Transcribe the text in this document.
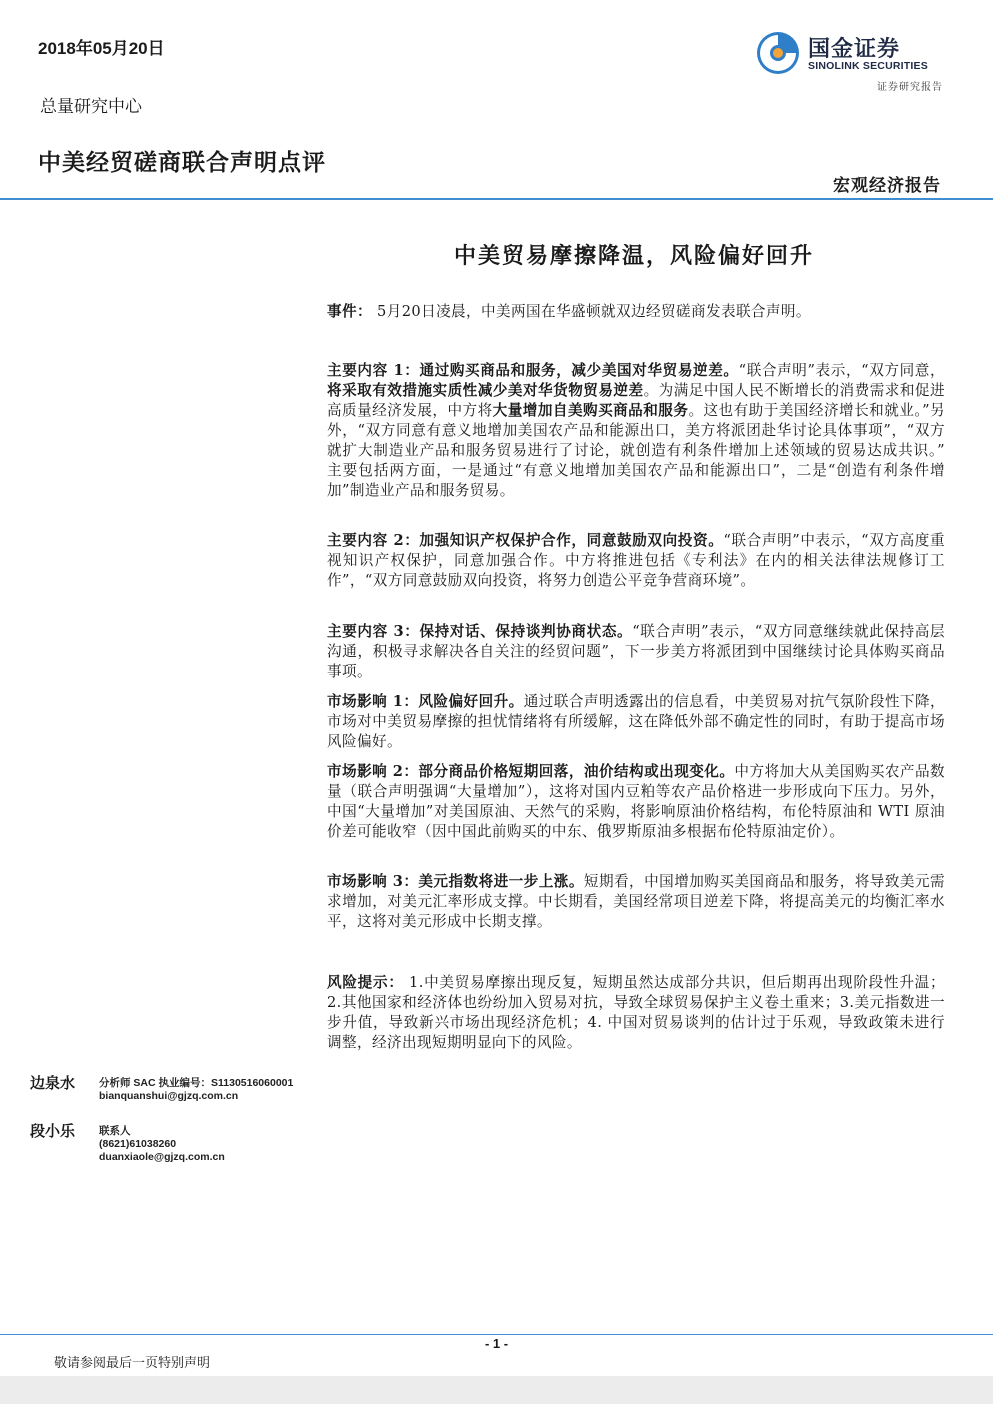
2018年05月20日
总量研究中心
中美经贸磋商联合声明点评
宏观经济报告
国金证券
SINOLINK SECURITIES
证券研究报告
中美贸易摩擦降温，风险偏好回升

事件： 5月20日凌晨，中美两国在华盛顿就双边经贸磋商发表联合声明。

主要内容 1：通过购买商品和服务，减少美国对华贸易逆差。“联合声明”表示，“双方同意，将采取有效措施实质性减少美对华货物贸易逆差。为满足中国人民不断增长的消费需求和促进高质量经济发展，中方将大量增加自美购买商品和服务。这也有助于美国经济增长和就业。”另外，“双方同意有意义地增加美国农产品和能源出口，美方将派团赴华讨论具体事项”，“双方就扩大制造业产品和服务贸易进行了讨论，就创造有利条件增加上述领域的贸易达成共识。” 主要包括两方面，一是通过“有意义地增加美国农产品和能源出口”，二是“创造有利条件增加”制造业产品和服务贸易。

主要内容 2：加强知识产权保护合作，同意鼓励双向投资。“联合声明”中表示，“双方高度重视知识产权保护，同意加强合作。中方将推进包括《专利法》在内的相关法律法规修订工作”，“双方同意鼓励双向投资，将努力创造公平竞争营商环境”。

主要内容 3：保持对话、保持谈判协商状态。“联合声明”表示，“双方同意继续就此保持高层沟通，积极寻求解决各自关注的经贸问题”，下一步美方将派团到中国继续讨论具体购买商品事项。

市场影响 1：风险偏好回升。通过联合声明透露出的信息看，中美贸易对抗气氛阶段性下降，市场对中美贸易摩擦的担忧情绪将有所缓解，这在降低外部不确定性的同时，有助于提高市场风险偏好。

市场影响 2：部分商品价格短期回落，油价结构或出现变化。中方将加大从美国购买农产品数量（联合声明强调“大量增加”），这将对国内豆粕等农产品价格进一步形成向下压力。另外，中国“大量增加”对美国原油、天然气的采购，将影响原油价格结构，布伦特原油和 WTI 原油价差可能收窄（因中国此前购买的中东、俄罗斯原油多根据布伦特原油定价）。

市场影响 3：美元指数将进一步上涨。短期看，中国增加购买美国商品和服务，将导致美元需求增加，对美元汇率形成支撑。中长期看，美国经常项目逆差下降，将提高美元的均衡汇率水平，这将对美元形成中长期支撑。

风险提示： 1.中美贸易摩擦出现反复，短期虽然达成部分共识，但后期再出现阶段性升温；2.其他国家和经济体也纷纷加入贸易对抗，导致全球贸易保护主义卷土重来；3.美元指数进一步升值，导致新兴市场出现经济危机；4. 中国对贸易谈判的估计过于乐观，导致政策未进行调整，经济出现短期明显向下的风险。

边泉水 分析师 SAC 执业编号：S1130516060001
bianquanshui@gjzq.com.cn
段小乐 联系人
(8621)61038260
duanxiaole@gjzq.com.cn
- 1 -
敬请参阅最后一页特别声明
